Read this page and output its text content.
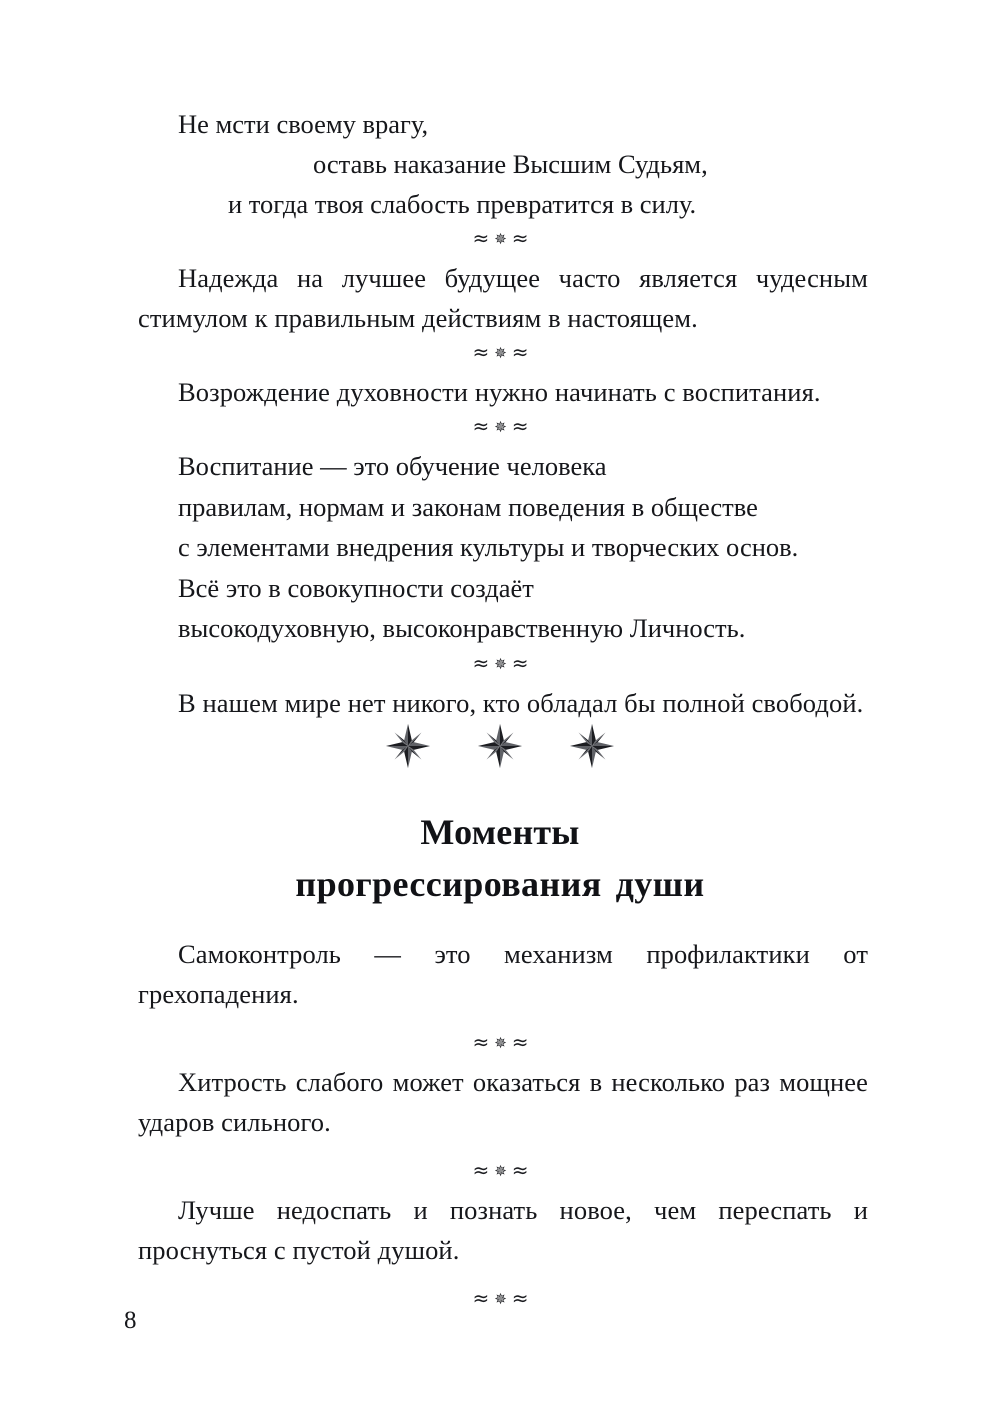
Не мсти своему врагу,
оставь наказание Высшим Судьям,
и тогда твоя слабость превратится в силу.
≈✵≈

Надежда на лучшее будущее часто является чудесным стимулом к правильным действиям в настоящем.

≈✵≈

Возрождение духовности нужно начинать с воспитания.

≈✵≈
Воспитание — это обучение человека
правилам, нормам и законам поведения в обществе
с элементами внедрения культуры и творческих основ.
Всё это в совокупности создаёт
высокодуховную, высоконравственную Личность.
≈✵≈

В нашем мире нет никого, кто обладал бы полной свободой.

Моменты
прогрессирования души

Самоконтроль — это механизм профилактики от грехопадения.

≈✵≈

Хитрость слабого может оказаться в несколько раз мощнее ударов сильного.

≈✵≈

Лучше недоспать и познать новое, чем переспать и проснуться с пустой душой.

≈✵≈
8
